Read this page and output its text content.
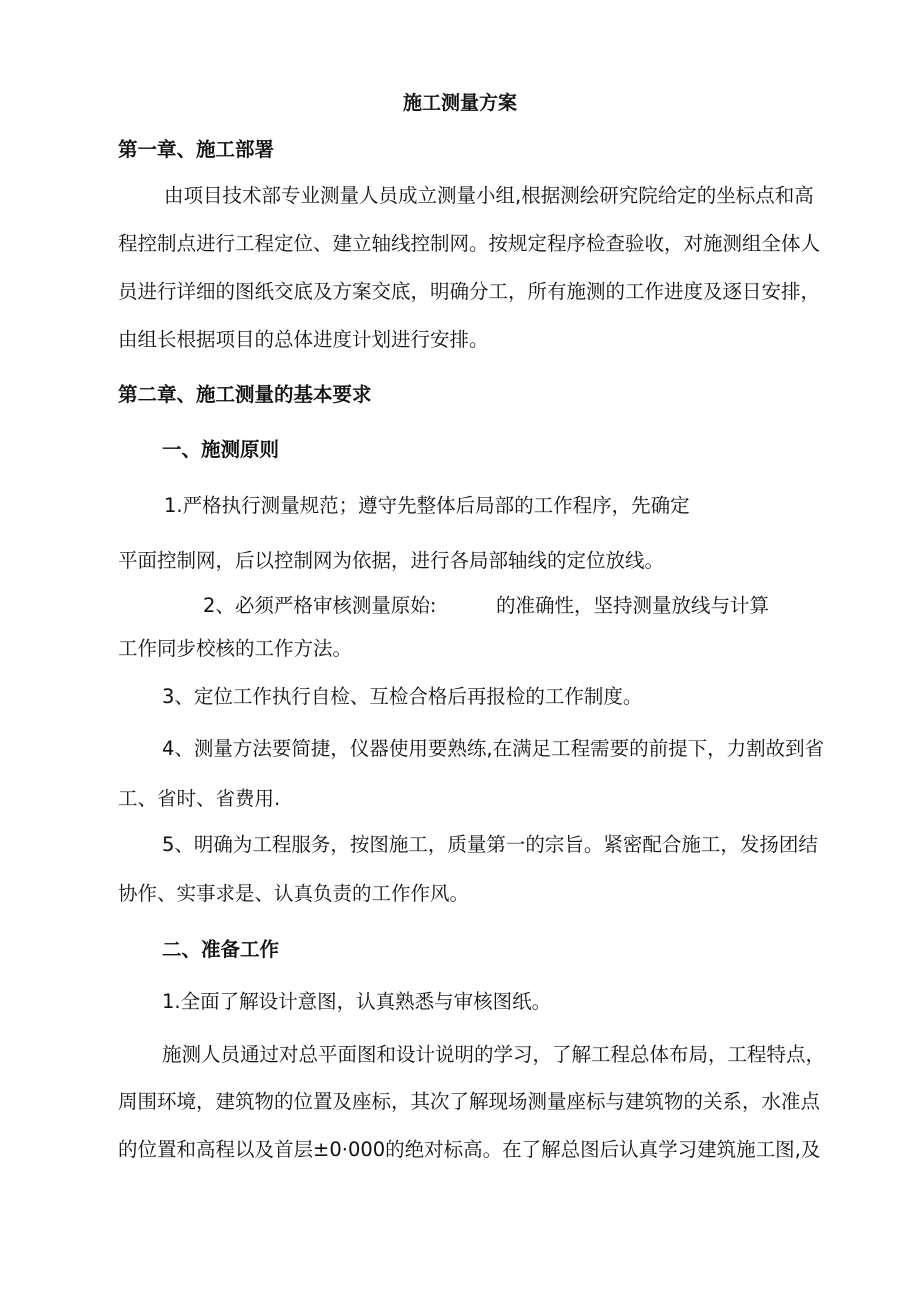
施工测量方案
第一章、施工部署
由项目技术部专业测量人员成立测量小组,根据测绘研究院给定的坐标点和高
程控制点进行工程定位、建立轴线控制网。按规定程序检查验收，对施测组全体人
员进行详细的图纸交底及方案交底，明确分工，所有施测的工作进度及逐日安排，
由组长根据项目的总体进度计划进行安排。
第二章、施工测量的基本要求
一、施测原则
1.严格执行测量规范；遵守先整体后局部的工作程序，先确定
平面控制网，后以控制网为依据，进行各局部轴线的定位放线。
2、必须严格审核测量原始:	的准确性，坚持测量放线与计算
工作同步校核的工作方法。
3、定位工作执行自检、互检合格后再报检的工作制度。
4、测量方法要简捷，仪器使用要熟练,在满足工程需要的前提下，力割故到省
工、省时、省费用.
5、明确为工程服务，按图施工，质量第一的宗旨。紧密配合施工，发扬团结
协作、实事求是、认真负责的工作作风。
二、准备工作
1.全面了解设计意图，认真熟悉与审核图纸。
施测人员通过对总平面图和设计说明的学习，了解工程总体布局，工程特点，
周围环境，建筑物的位置及座标，其次了解现场测量座标与建筑物的关系，水准点
的位置和高程以及首层±0·000的绝对标高。在了解总图后认真学习建筑施工图,及
